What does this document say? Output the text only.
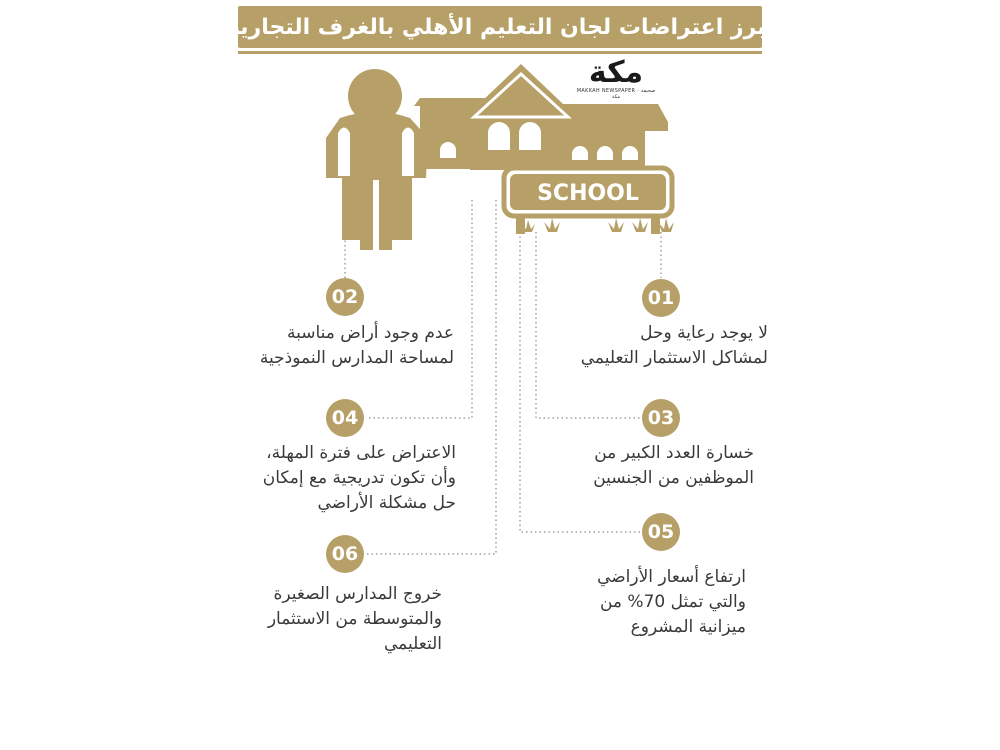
أبرز اعتراضات لجان التعليم الأهلي بالغرف التجارية
SCHOOL
مكة
MAKKAH NEWSPAPER · صحيفة مكة
01
لا يوجد رعاية وحل
لمشاكل الاستثمار التعليمي
02
عدم وجود أراض مناسبة
لمساحة المدارس النموذجية
03
خسارة العدد الكبير من
الموظفين من الجنسين
04
الاعتراض على فترة المهلة،
وأن تكون تدريجية مع إمكان
حل مشكلة الأراضي
05
ارتفاع أسعار الأراضي
والتي تمثل 70% من
ميزانية المشروع
06
خروج المدارس الصغيرة
والمتوسطة من الاستثمار
التعليمي
